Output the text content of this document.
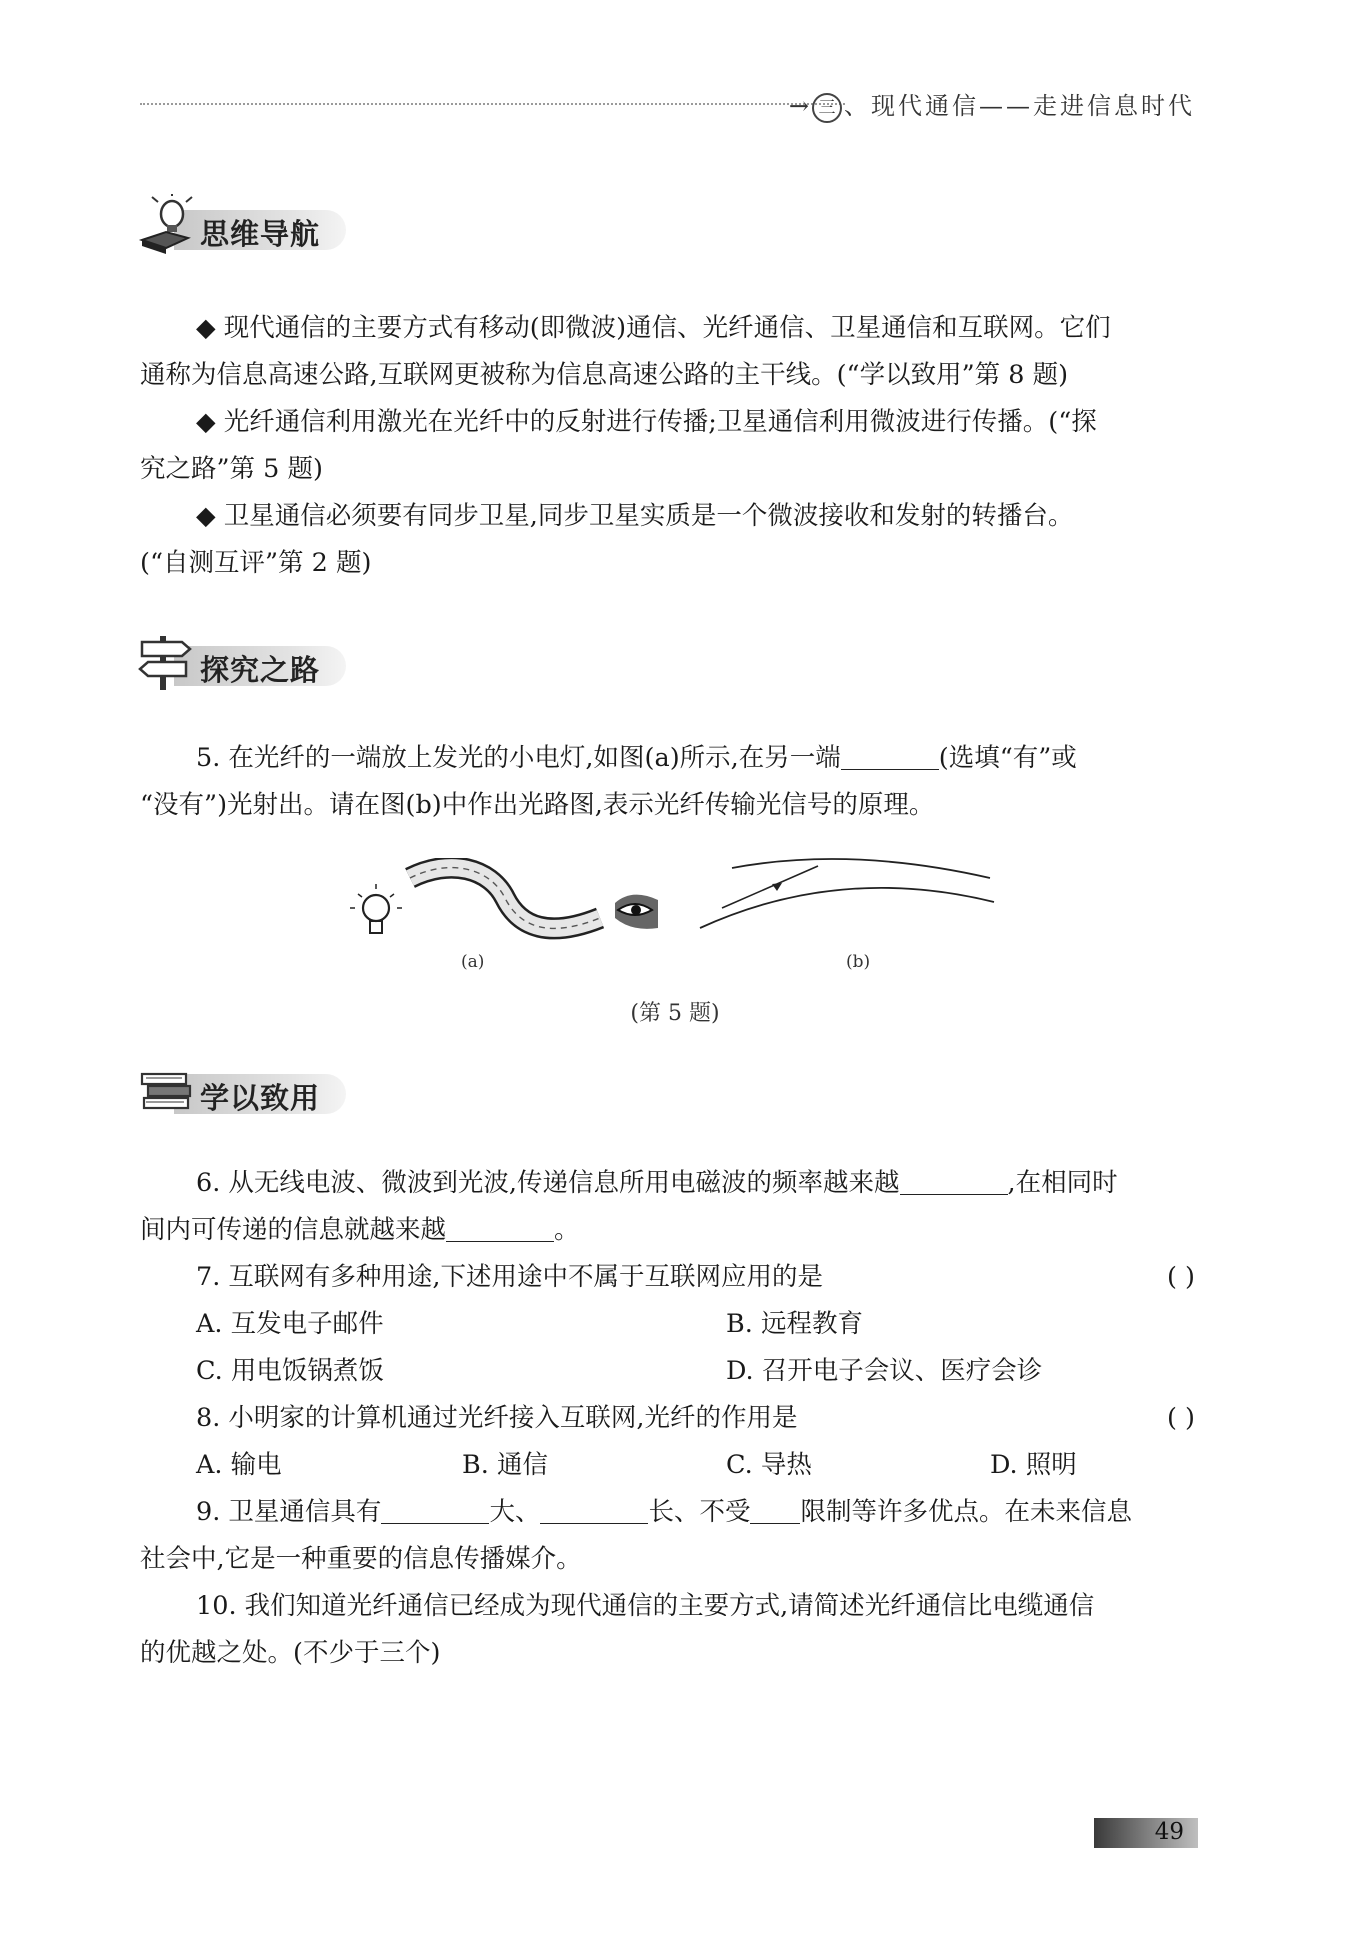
→ 三 、现代通信——走进信息时代
思维导航

◆ 现代通信的主要方式有移动(即微波)通信、光纤通信、卫星通信和互联网。它们

通称为信息高速公路,互联网更被称为信息高速公路的主干线。(“学以致用”第 8 题)

◆ 光纤通信利用激光在光纤中的反射进行传播;卫星通信利用微波进行传播。(“探

究之路”第 5 题)

◆ 卫星通信必须要有同步卫星,同步卫星实质是一个微波接收和发射的转播台。

(“自测互评”第 2 题)

探究之路

5. 在光纤的一端放上发光的小电灯,如图(a)所示,在另一端	(选填“有”或

“没有”)光射出。请在图(b)中作出光路图,表示光纤传输光信号的原理。

(a)	(b)
(第 5 题)
学以致用

6. 从无线电波、微波到光波,传递信息所用电磁波的频率越来越	,在相同时

间内可传递的信息就越来越	。

7. 互联网有多种用途,下述用途中不属于互联网应用的是	( )

A. 互发电子邮件	B. 远程教育
C. 用电饭锅煮饭	D. 召开电子会议、医疗会诊

8. 小明家的计算机通过光纤接入互联网,光纤的作用是	( )

A. 输电	B. 通信	C. 导热	D. 照明

9. 卫星通信具有	大、	长、不受 限制等许多优点。在未来信息

社会中,它是一种重要的信息传播媒介。

10. 我们知道光纤通信已经成为现代通信的主要方式,请简述光纤通信比电缆通信

的优越之处。(不少于三个)

49
